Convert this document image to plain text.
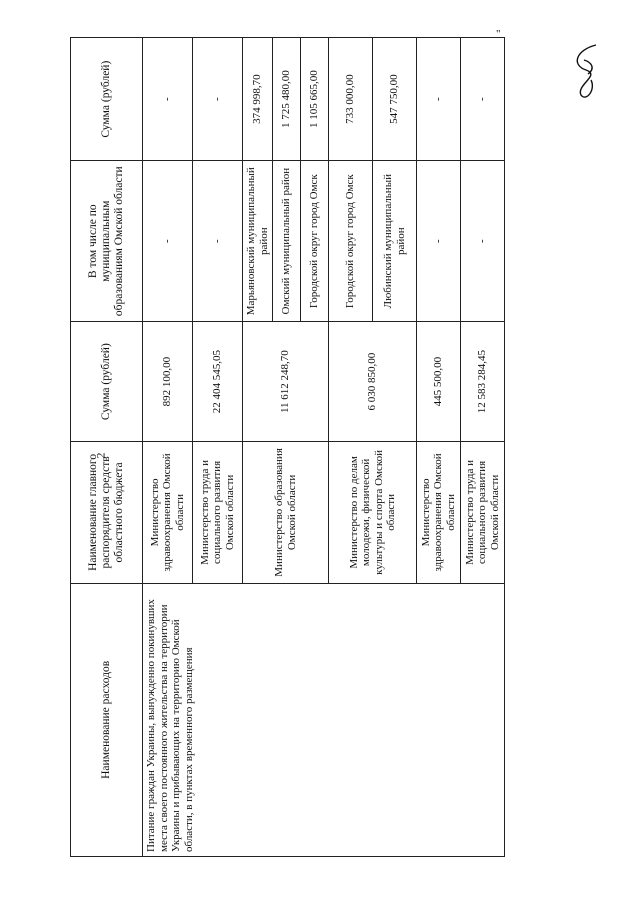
2
"
Наименование расходов	Наименование главного распорядителя средств областного бюджета	Сумма (рублей)	В том числе по муниципальным образованиям Омской области	Сумма (рублей)
Питание граждан Украины, вынужденно покинувших места своего постоянного жительства на территории Украины и прибывающих на территорию Омской области, в пунктах временного размещения	Министерство здравоохранения Омской области	892 100,00	-	-
	Министерство труда и социального развития Омской области	22 404 545,05	-	-
	Министерство образования Омской области	11 612 248,70	Марьяновский муниципальный район	374 998,70
			Омский муниципальный район	1 725 480,00
			Городской округ город Омск	1 105 665,00
	Министерство по делам молодежи, физической культуры и спорта Омской области	6 030 850,00	Городской округ город Омск	733 000,00
			Любинский муниципальный район	547 750,00
	Министерство здравоохранения Омской области	445 500,00	-	-
	Министерство труда и социального развития Омской области	12 583 284,45	-	-
